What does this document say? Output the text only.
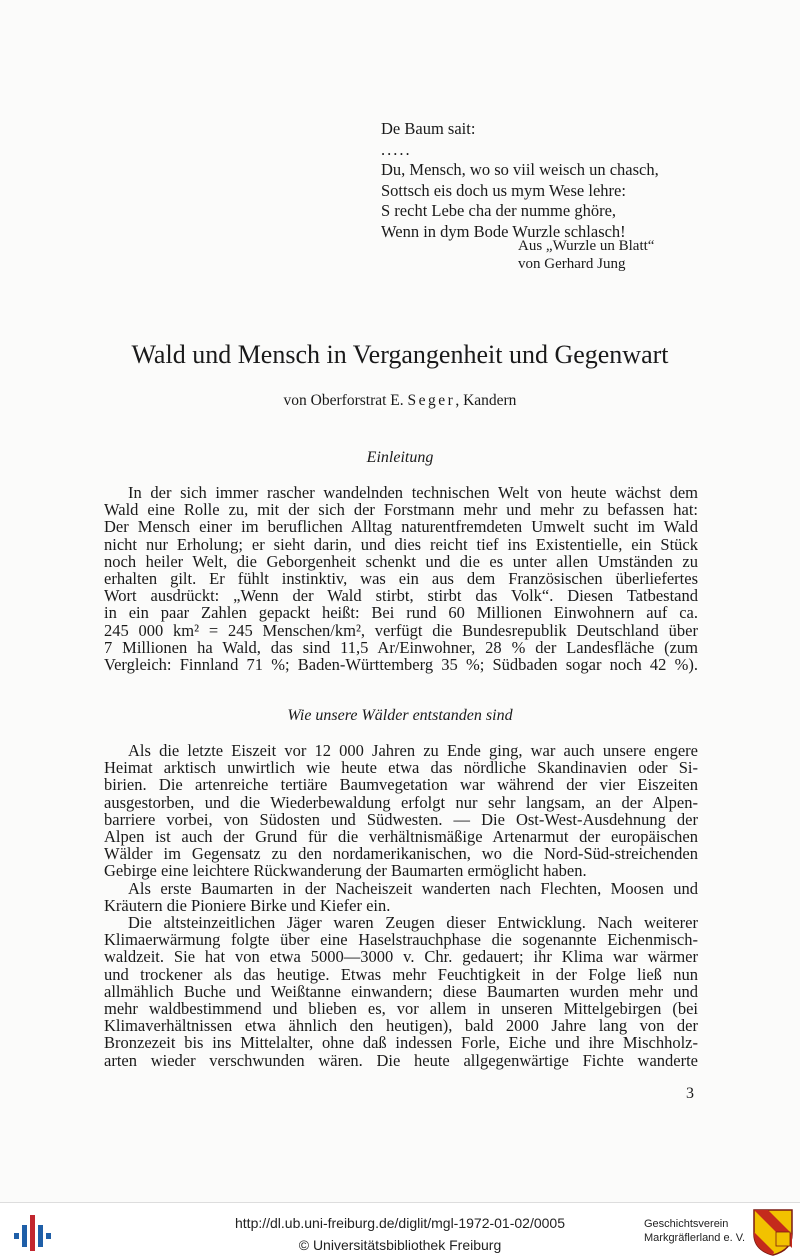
De Baum sait:
.....
Du, Mensch, wo so viil weisch un chasch,
Sottsch eis doch us mym Wese lehre:
S recht Lebe cha der numme ghöre,
Wenn in dym Bode Wurzle schlasch!
Aus „Wurzle un Blatt“
von Gerhard Jung
Wald und Mensch in Vergangenheit und Gegenwart
von Oberforstrat E. Seger, Kandern
Einleitung
In der sich immer rascher wandelnden technischen Welt von heute wächst dem
Wald eine Rolle zu, mit der sich der Forstmann mehr und mehr zu befassen hat:
Der Mensch einer im beruflichen Alltag naturentfremdeten Umwelt sucht im Wald
nicht nur Erholung; er sieht darin, und dies reicht tief ins Existentielle, ein Stück
noch heiler Welt, die Geborgenheit schenkt und die es unter allen Umständen zu
erhalten gilt. Er fühlt instinktiv, was ein aus dem Französischen überliefertes
Wort ausdrückt: „Wenn der Wald stirbt, stirbt das Volk“. Diesen Tatbestand
in ein paar Zahlen gepackt heißt: Bei rund 60 Millionen Einwohnern auf ca.
245 000 km² = 245 Menschen/km², verfügt die Bundesrepublik Deutschland über
7 Millionen ha Wald, das sind 11,5 Ar/Einwohner, 28 % der Landesfläche (zum
Vergleich: Finnland 71 %; Baden-Württemberg 35 %; Südbaden sogar noch 42 %).
Wie unsere Wälder entstanden sind
Als die letzte Eiszeit vor 12 000 Jahren zu Ende ging, war auch unsere engere
Heimat arktisch unwirtlich wie heute etwa das nördliche Skandinavien oder Si-
birien. Die artenreiche tertiäre Baumvegetation war während der vier Eiszeiten
ausgestorben, und die Wiederbewaldung erfolgt nur sehr langsam, an der Alpen-
barriere vorbei, von Südosten und Südwesten. — Die Ost-West-Ausdehnung der
Alpen ist auch der Grund für die verhältnismäßige Artenarmut der europäischen
Wälder im Gegensatz zu den nordamerikanischen, wo die Nord-Süd-streichenden
Gebirge eine leichtere Rückwanderung der Baumarten ermöglicht haben.
Als erste Baumarten in der Nacheiszeit wanderten nach Flechten, Moosen und
Kräutern die Pioniere Birke und Kiefer ein.
Die altsteinzeitlichen Jäger waren Zeugen dieser Entwicklung. Nach weiterer
Klimaerwärmung folgte über eine Haselstrauchphase die sogenannte Eichenmisch-
waldzeit. Sie hat von etwa 5000—3000 v. Chr. gedauert; ihr Klima war wärmer
und trockener als das heutige. Etwas mehr Feuchtigkeit in der Folge ließ nun
allmählich Buche und Weißtanne einwandern; diese Baumarten wurden mehr und
mehr waldbestimmend und blieben es, vor allem in unseren Mittelgebirgen (bei
Klimaverhältnissen etwa ähnlich den heutigen), bald 2000 Jahre lang von der
Bronzezeit bis ins Mittelalter, ohne daß indessen Forle, Eiche und ihre Mischholz-
arten wieder verschwunden wären. Die heute allgegenwärtige Fichte wanderte
3
http://dl.ub.uni-freiburg.de/diglit/mgl-1972-01-02/0005
© Universitätsbibliothek Freiburg
Geschichtsverein
Markgräflerland e. V.
